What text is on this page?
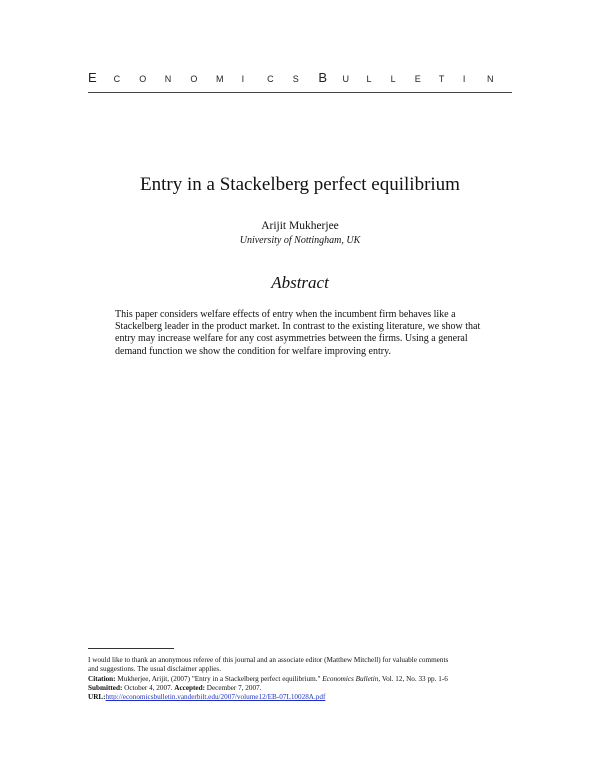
E C O N O M I	C S B U L L E T I N
Entry in a Stackelberg perfect equilibrium
Arijit Mukherjee
University of Nottingham, UK
Abstract
This paper considers welfare effects of entry when the incumbent firm behaves like a Stackelberg leader in the product market. In contrast to the existing literature, we show that entry may increase welfare for any cost asymmetries between the firms. Using a general demand function we show the condition for welfare improving entry.
I would like to thank an anonymous referee of this journal and an associate editor (Matthew Mitchell) for valuable comments
and suggestions. The usual disclaimer applies.
Citation: Mukherjee, Arijit, (2007) "Entry in a Stackelberg perfect equilibrium." Economics Bulletin, Vol. 12, No. 33 pp. 1-6
Submitted: October 4, 2007. Accepted: December 7, 2007.
URL:http://economicsbulletin.vanderbilt.edu/2007/volume12/EB-07L10028A.pdf
